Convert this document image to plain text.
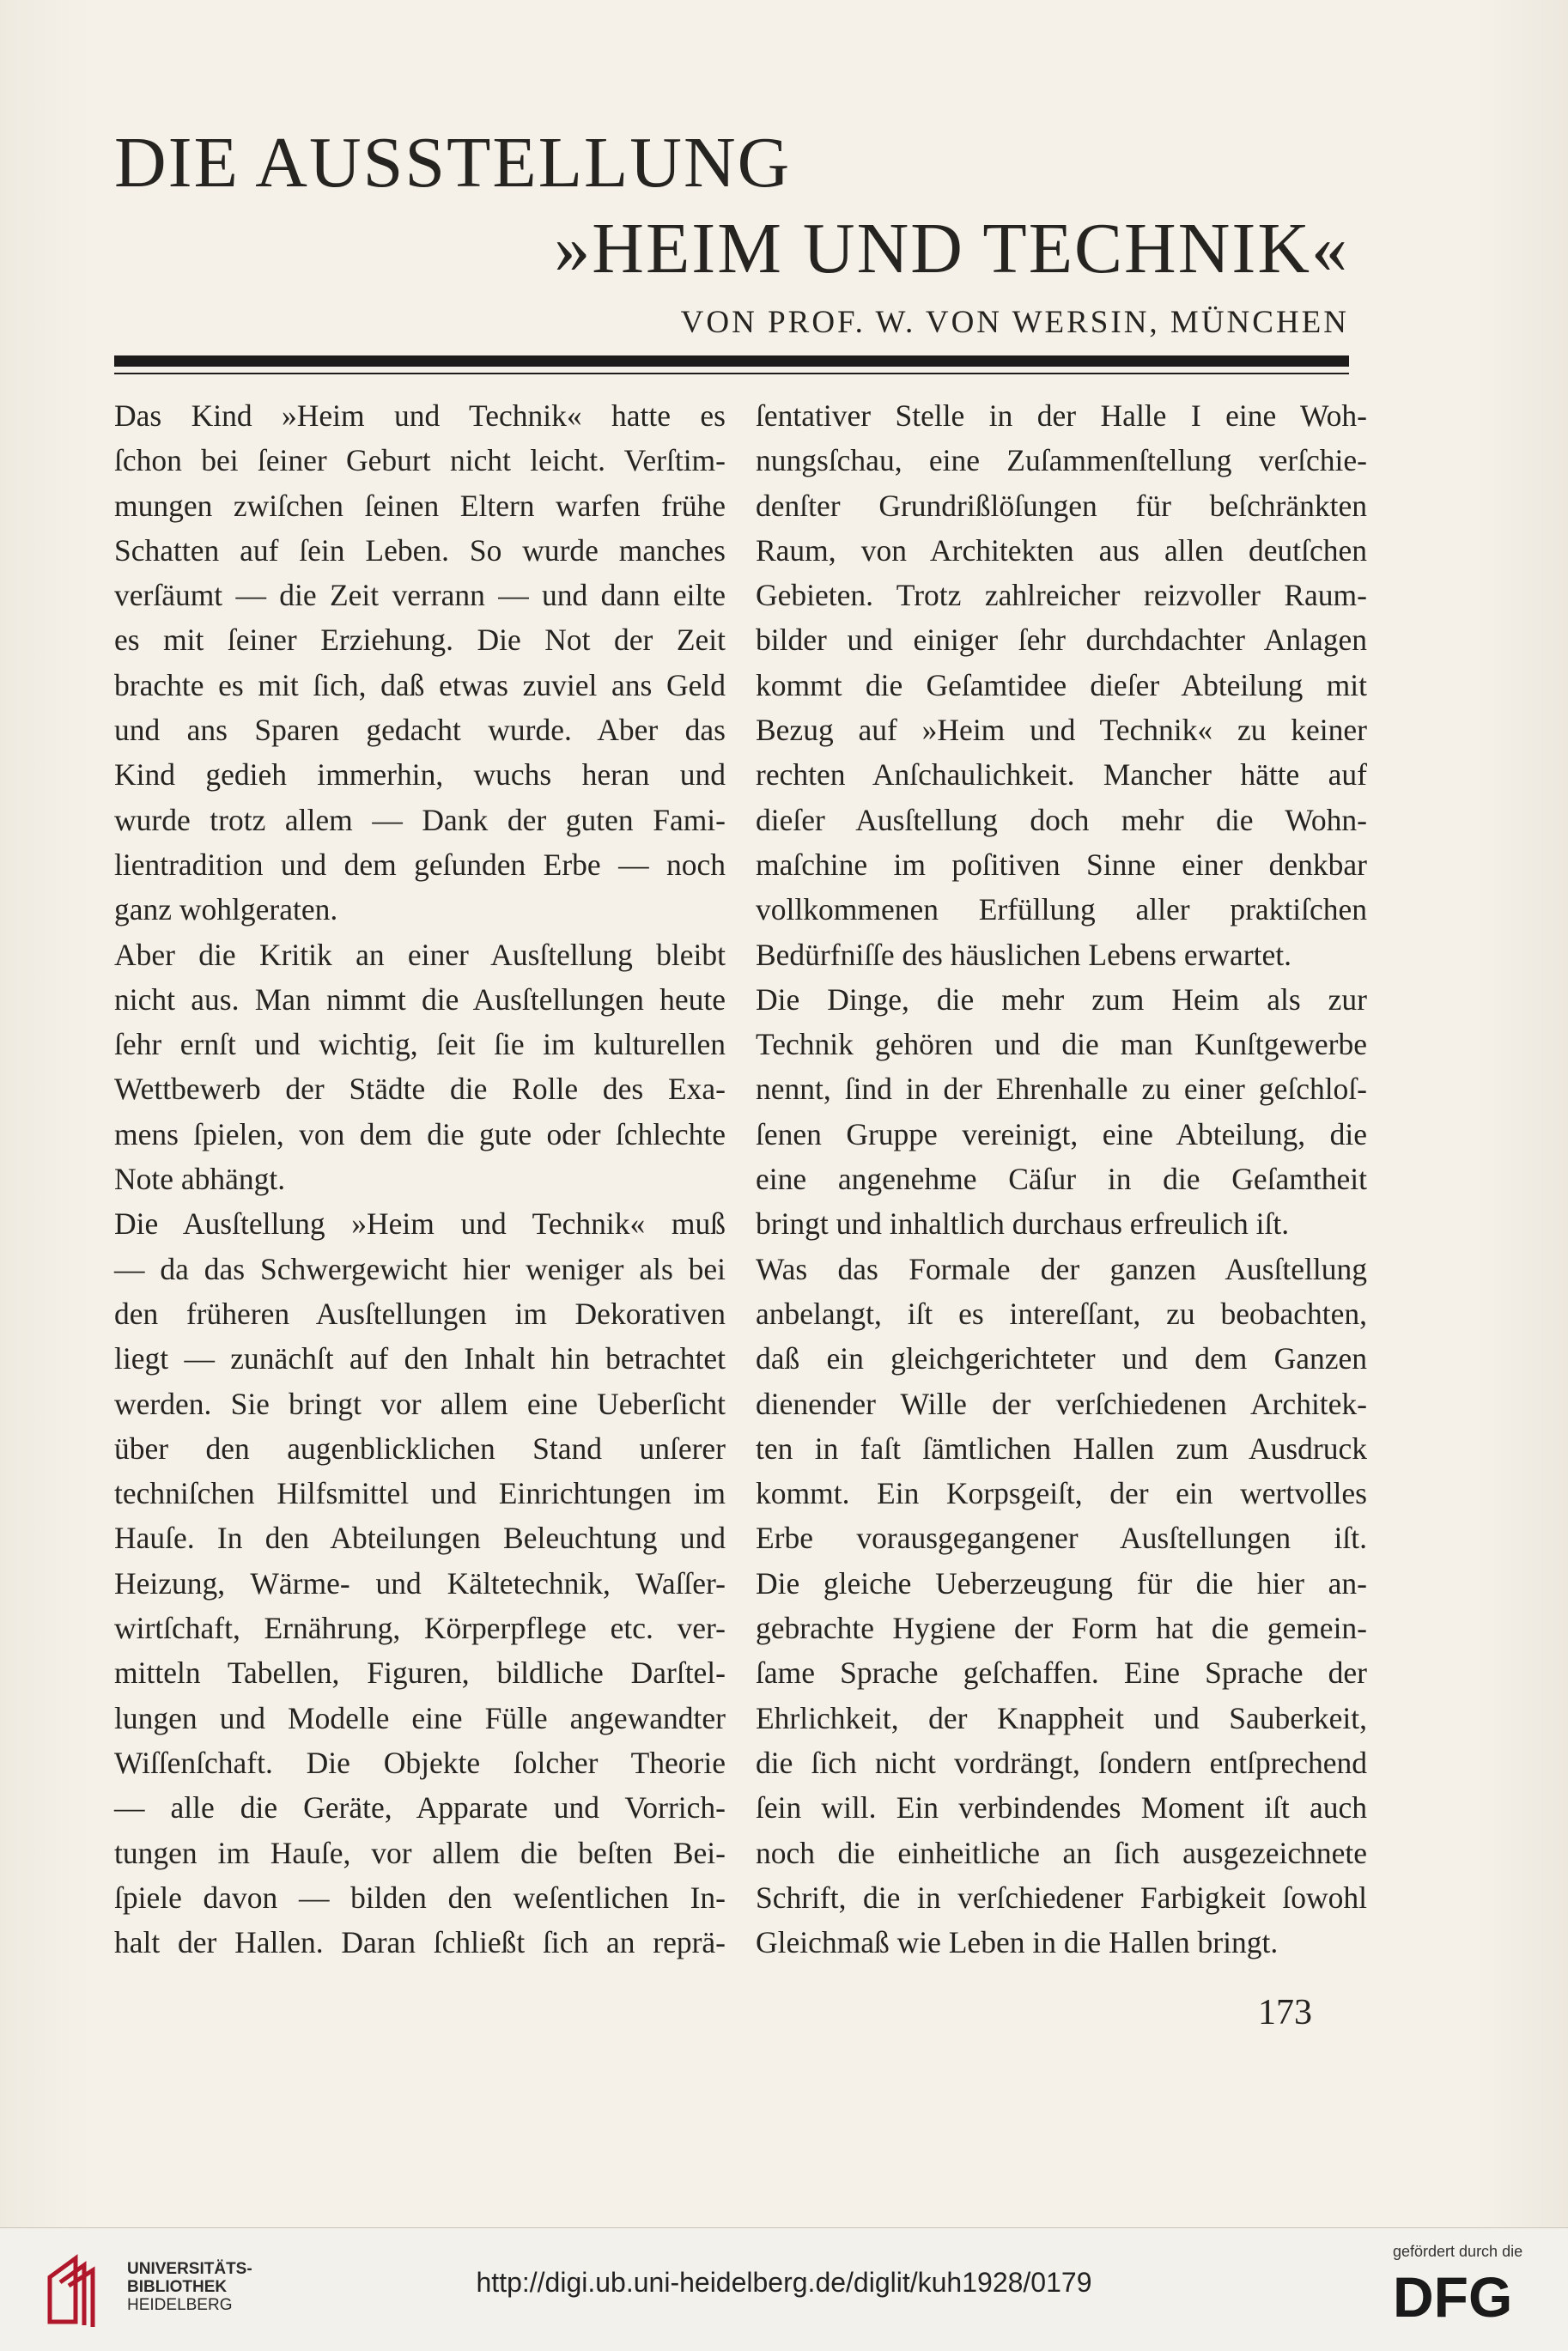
DIE AUSSTELLUNG
»HEIM UND TECHNIK«
VON PROF. W. VON WERSIN, MÜNCHEN
Das Kind »Heim und Technik« hatte es
ſchon bei ſeiner Geburt nicht leicht. Verſtim-
mungen zwiſchen ſeinen Eltern warfen frühe
Schatten auf ſein Leben. So wurde manches
verſäumt — die Zeit verrann — und dann eilte
es mit ſeiner Erziehung. Die Not der Zeit
brachte es mit ſich, daß etwas zuviel ans Geld
und ans Sparen gedacht wurde. Aber das
Kind gedieh immerhin, wuchs heran und
wurde trotz allem — Dank der guten Fami-
lientradition und dem geſunden Erbe — noch
ganz wohlgeraten.
Aber die Kritik an einer Ausſtellung bleibt
nicht aus. Man nimmt die Ausſtellungen heute
ſehr ernſt und wichtig, ſeit ſie im kulturellen
Wettbewerb der Städte die Rolle des Exa-
mens ſpielen, von dem die gute oder ſchlechte
Note abhängt.
Die Ausſtellung »Heim und Technik« muß
— da das Schwergewicht hier weniger als bei
den früheren Ausſtellungen im Dekorativen
liegt — zunächſt auf den Inhalt hin betrachtet
werden. Sie bringt vor allem eine Ueberſicht
über den augenblicklichen Stand unſerer
techniſchen Hilfsmittel und Einrichtungen im
Hauſe. In den Abteilungen Beleuchtung und
Heizung, Wärme- und Kältetechnik, Waſſer-
wirtſchaft, Ernährung, Körperpflege etc. ver-
mitteln Tabellen, Figuren, bildliche Darſtel-
lungen und Modelle eine Fülle angewandter
Wiſſenſchaft. Die Objekte ſolcher Theorie
— alle die Geräte, Apparate und Vorrich-
tungen im Hauſe, vor allem die beſten Bei-
ſpiele davon — bilden den weſentlichen In-
halt der Hallen. Daran ſchließt ſich an reprä-
ſentativer Stelle in der Halle I eine Woh-
nungsſchau, eine Zuſammenſtellung verſchie-
denſter Grundrißlöſungen für beſchränkten
Raum, von Architekten aus allen deutſchen
Gebieten. Trotz zahlreicher reizvoller Raum-
bilder und einiger ſehr durchdachter Anlagen
kommt die Geſamtidee dieſer Abteilung mit
Bezug auf »Heim und Technik« zu keiner
rechten Anſchaulichkeit. Mancher hätte auf
dieſer Ausſtellung doch mehr die Wohn-
maſchine im poſitiven Sinne einer denkbar
vollkommenen Erfüllung aller praktiſchen
Bedürfniſſe des häuslichen Lebens erwartet.
Die Dinge, die mehr zum Heim als zur
Technik gehören und die man Kunſtgewerbe
nennt, ſind in der Ehrenhalle zu einer geſchloſ-
ſenen Gruppe vereinigt, eine Abteilung, die
eine angenehme Cäſur in die Geſamtheit
bringt und inhaltlich durchaus erfreulich iſt.
Was das Formale der ganzen Ausſtellung
anbelangt, iſt es intereſſant, zu beobachten,
daß ein gleichgerichteter und dem Ganzen
dienender Wille der verſchiedenen Architek-
ten in faſt ſämtlichen Hallen zum Ausdruck
kommt. Ein Korpsgeiſt, der ein wertvolles
Erbe vorausgegangener Ausſtellungen iſt.
Die gleiche Ueberzeugung für die hier an-
gebrachte Hygiene der Form hat die gemein-
ſame Sprache geſchaffen. Eine Sprache der
Ehrlichkeit, der Knappheit und Sauberkeit,
die ſich nicht vordrängt, ſondern entſprechend
ſein will. Ein verbindendes Moment iſt auch
noch die einheitliche an ſich ausgezeichnete
Schrift, die in verſchiedener Farbigkeit ſowohl
Gleichmaß wie Leben in die Hallen bringt.
173
UNIVERSITÄTS-
BIBLIOTHEK
HEIDELBERG
http://digi.ub.uni-heidelberg.de/diglit/kuh1928/0179
gefördert durch die
DFG
